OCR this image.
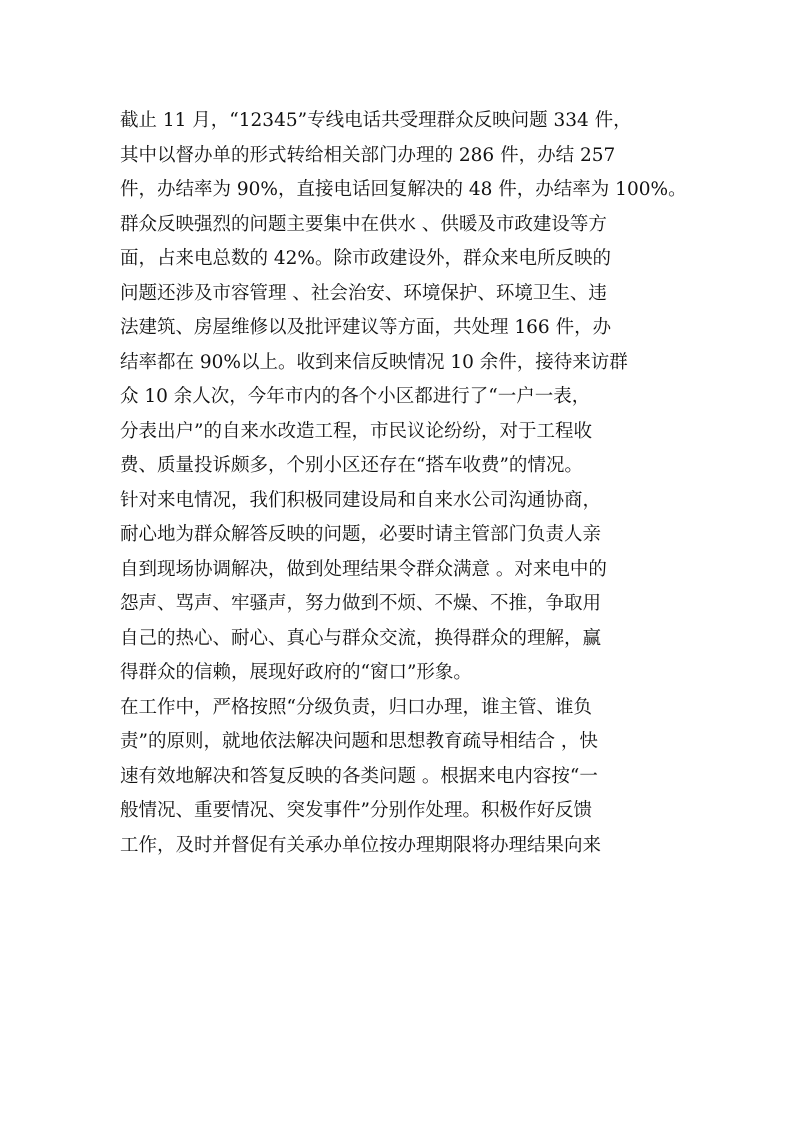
截止 11 月，“12345”专线电话共受理群众反映问题 334 件，
其中以督办单的形式转给相关部门办理的 286 件，办结 257
件，办结率为 90%，直接电话回复解决的 48 件，办结率为 100%。
群众反映强烈的问题主要集中在供水 、供暖及市政建设等方
面，占来电总数的 42%。除市政建设外，群众来电所反映的
问题还涉及市容管理 、社会治安、环境保护、环境卫生、违
法建筑、房屋维修以及批评建议等方面，共处理 166 件，办
结率都在 90%以上。收到来信反映情况 10 余件，接待来访群
众 10 余人次，今年市内的各个小区都进行了“一户一表，
分表出户”的自来水改造工程，市民议论纷纷，对于工程收
费、质量投诉颇多，个别小区还存在“搭车收费”的情况。
针对来电情况，我们积极同建设局和自来水公司沟通协商，
耐心地为群众解答反映的问题，必要时请主管部门负责人亲
自到现场协调解决，做到处理结果令群众满意 。对来电中的
怨声、骂声、牢骚声，努力做到不烦、不燥、不推，争取用
自己的热心、耐心、真心与群众交流，换得群众的理解，赢
得群众的信赖，展现好政府的“窗口”形象。
在工作中，严格按照“分级负责，归口办理，谁主管、谁负
责”的原则，就地依法解决问题和思想教育疏导相结合 ，快
速有效地解决和答复反映的各类问题 。根据来电内容按“一
般情况、重要情况、突发事件”分别作处理。积极作好反馈
工作，及时并督促有关承办单位按办理期限将办理结果向来
